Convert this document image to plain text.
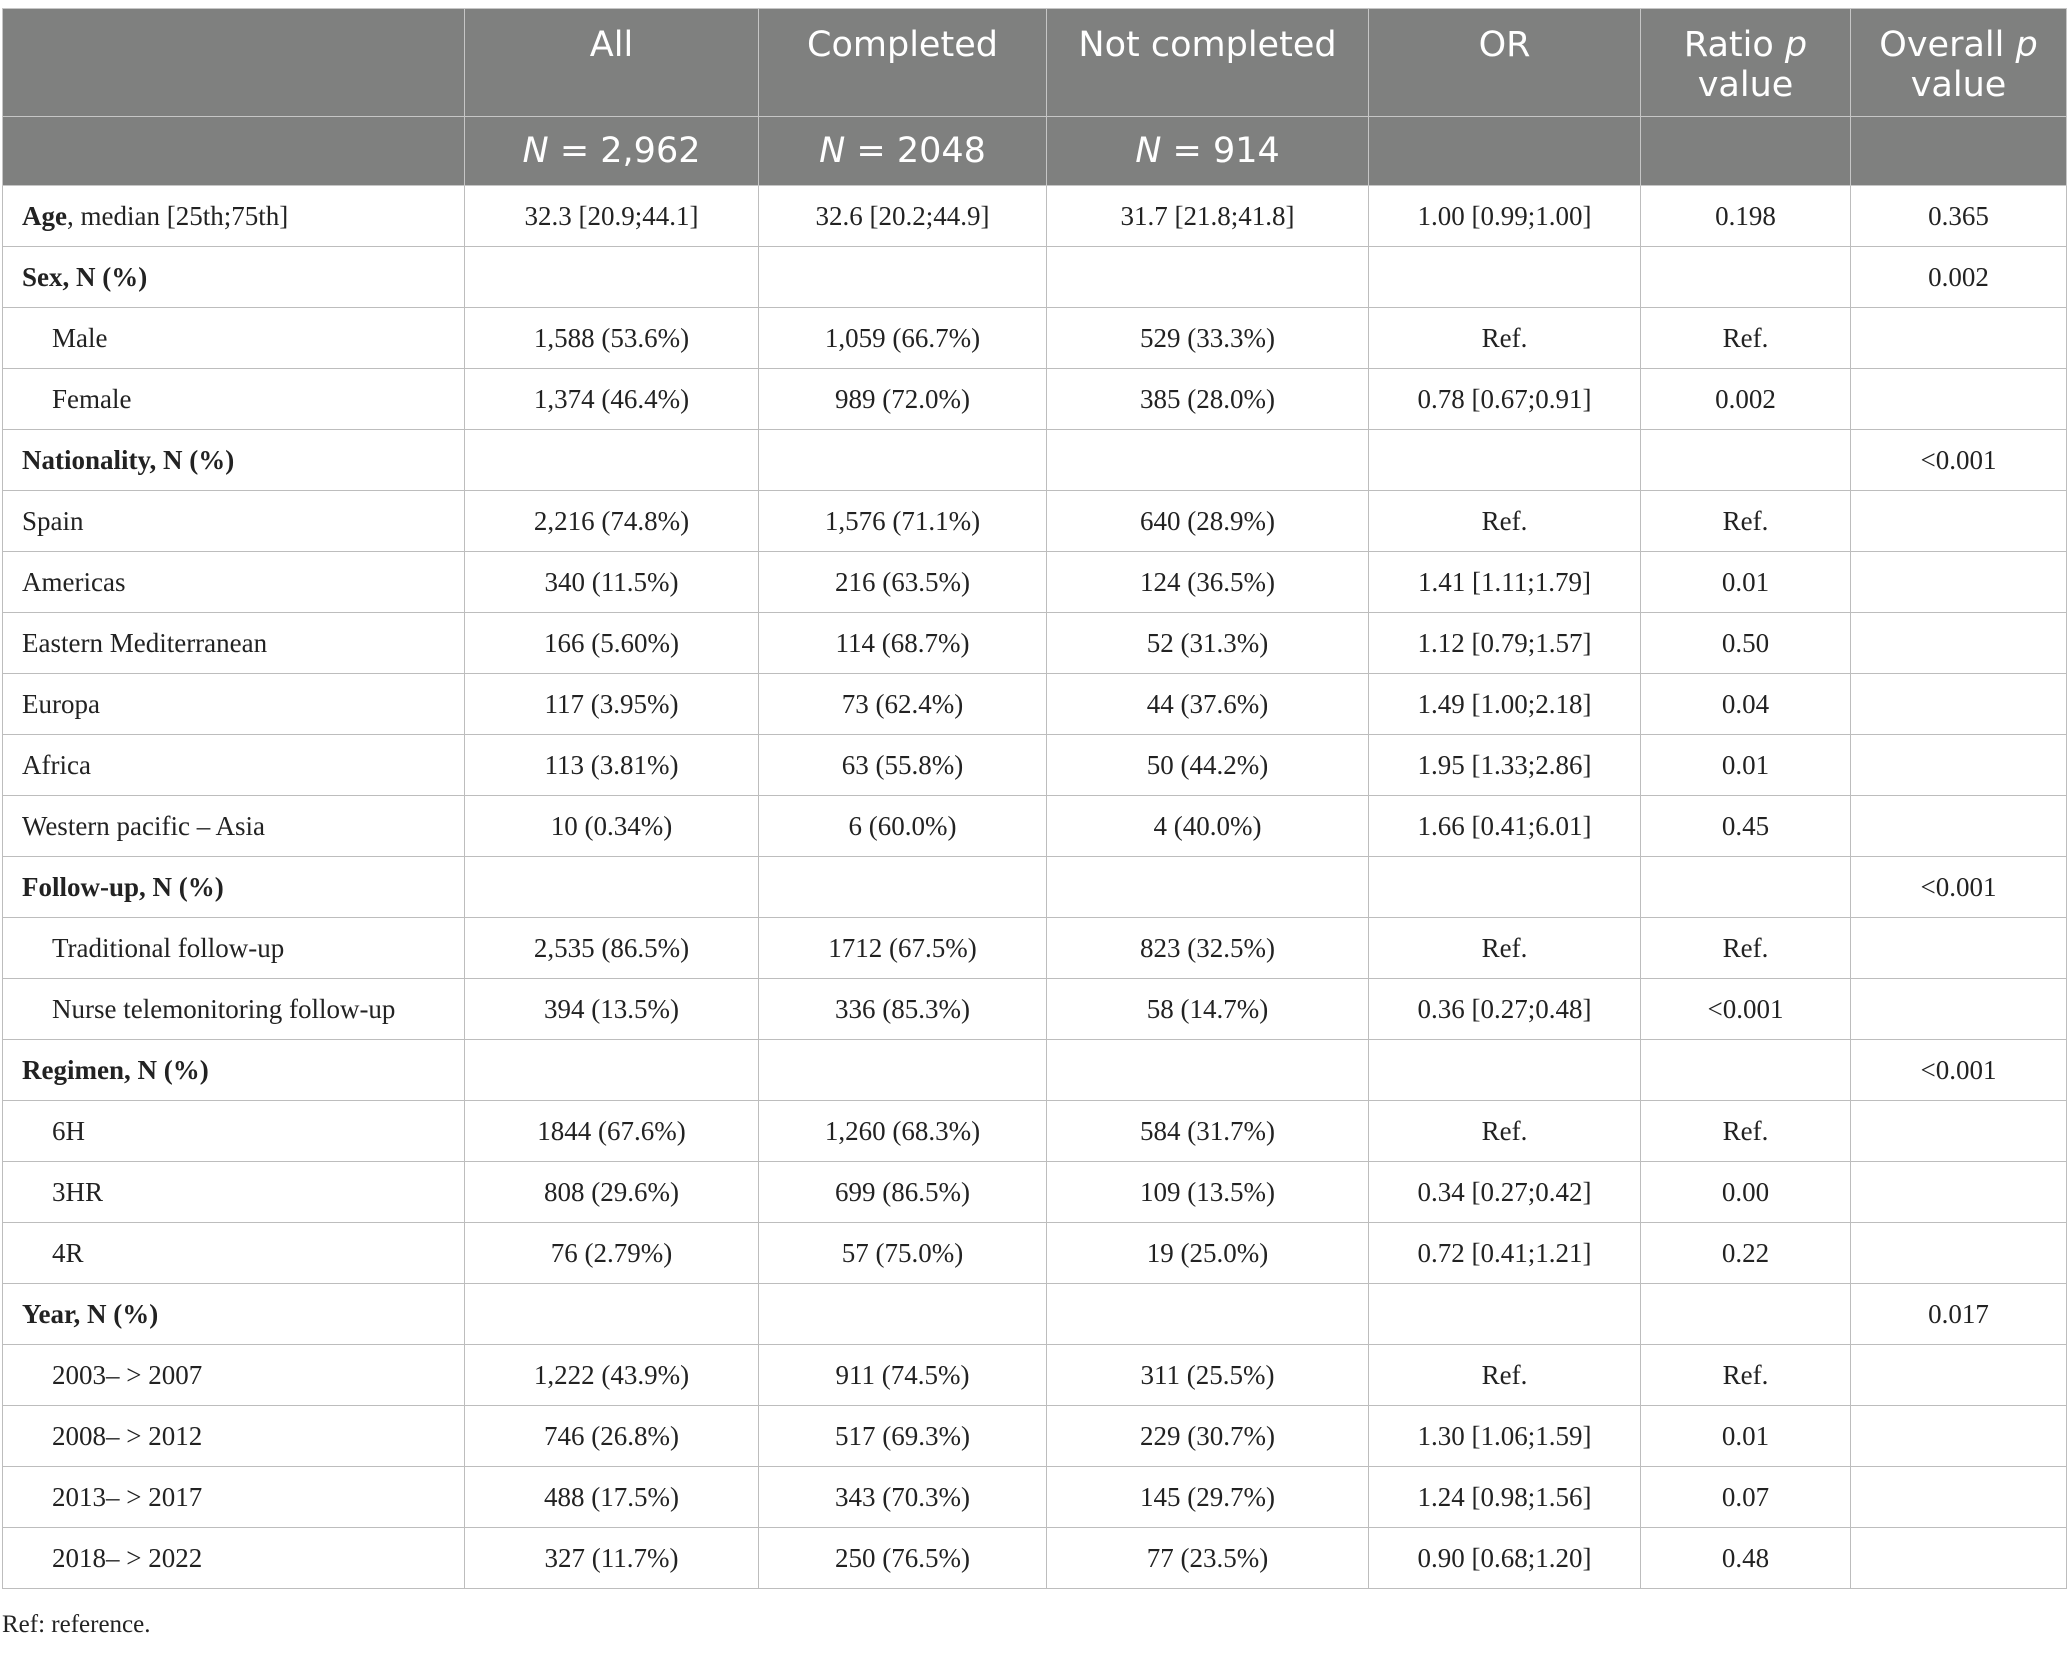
	All	Completed	Not completed	OR	Ratio p value	Overall p value
	N = 2,962	N = 2048	N = 914			
Age, median [25th;75th]	32.3 [20.9;44.1]	32.6 [20.2;44.9]	31.7 [21.8;41.8]	1.00 [0.99;1.00]	0.198	0.365
Sex, N (%)						0.002
Male	1,588 (53.6%)	1,059 (66.7%)	529 (33.3%)	Ref.	Ref.	
Female	1,374 (46.4%)	989 (72.0%)	385 (28.0%)	0.78 [0.67;0.91]	0.002	
Nationality, N (%)						<0.001
Spain	2,216 (74.8%)	1,576 (71.1%)	640 (28.9%)	Ref.	Ref.	
Americas	340 (11.5%)	216 (63.5%)	124 (36.5%)	1.41 [1.11;1.79]	0.01	
Eastern Mediterranean	166 (5.60%)	114 (68.7%)	52 (31.3%)	1.12 [0.79;1.57]	0.50	
Europa	117 (3.95%)	73 (62.4%)	44 (37.6%)	1.49 [1.00;2.18]	0.04	
Africa	113 (3.81%)	63 (55.8%)	50 (44.2%)	1.95 [1.33;2.86]	0.01	
Western pacific – Asia	10 (0.34%)	6 (60.0%)	4 (40.0%)	1.66 [0.41;6.01]	0.45	
Follow-up, N (%)						<0.001
Traditional follow-up	2,535 (86.5%)	1712 (67.5%)	823 (32.5%)	Ref.	Ref.	
Nurse telemonitoring follow-up	394 (13.5%)	336 (85.3%)	58 (14.7%)	0.36 [0.27;0.48]	<0.001	
Regimen, N (%)						<0.001
6H	1844 (67.6%)	1,260 (68.3%)	584 (31.7%)	Ref.	Ref.	
3HR	808 (29.6%)	699 (86.5%)	109 (13.5%)	0.34 [0.27;0.42]	0.00	
4R	76 (2.79%)	57 (75.0%)	19 (25.0%)	0.72 [0.41;1.21]	0.22	
Year, N (%)						0.017
2003– > 2007	1,222 (43.9%)	911 (74.5%)	311 (25.5%)	Ref.	Ref.	
2008– > 2012	746 (26.8%)	517 (69.3%)	229 (30.7%)	1.30 [1.06;1.59]	0.01	
2013– > 2017	488 (17.5%)	343 (70.3%)	145 (29.7%)	1.24 [0.98;1.56]	0.07	
2018– > 2022	327 (11.7%)	250 (76.5%)	77 (23.5%)	0.90 [0.68;1.20]	0.48	
Ref: reference.
